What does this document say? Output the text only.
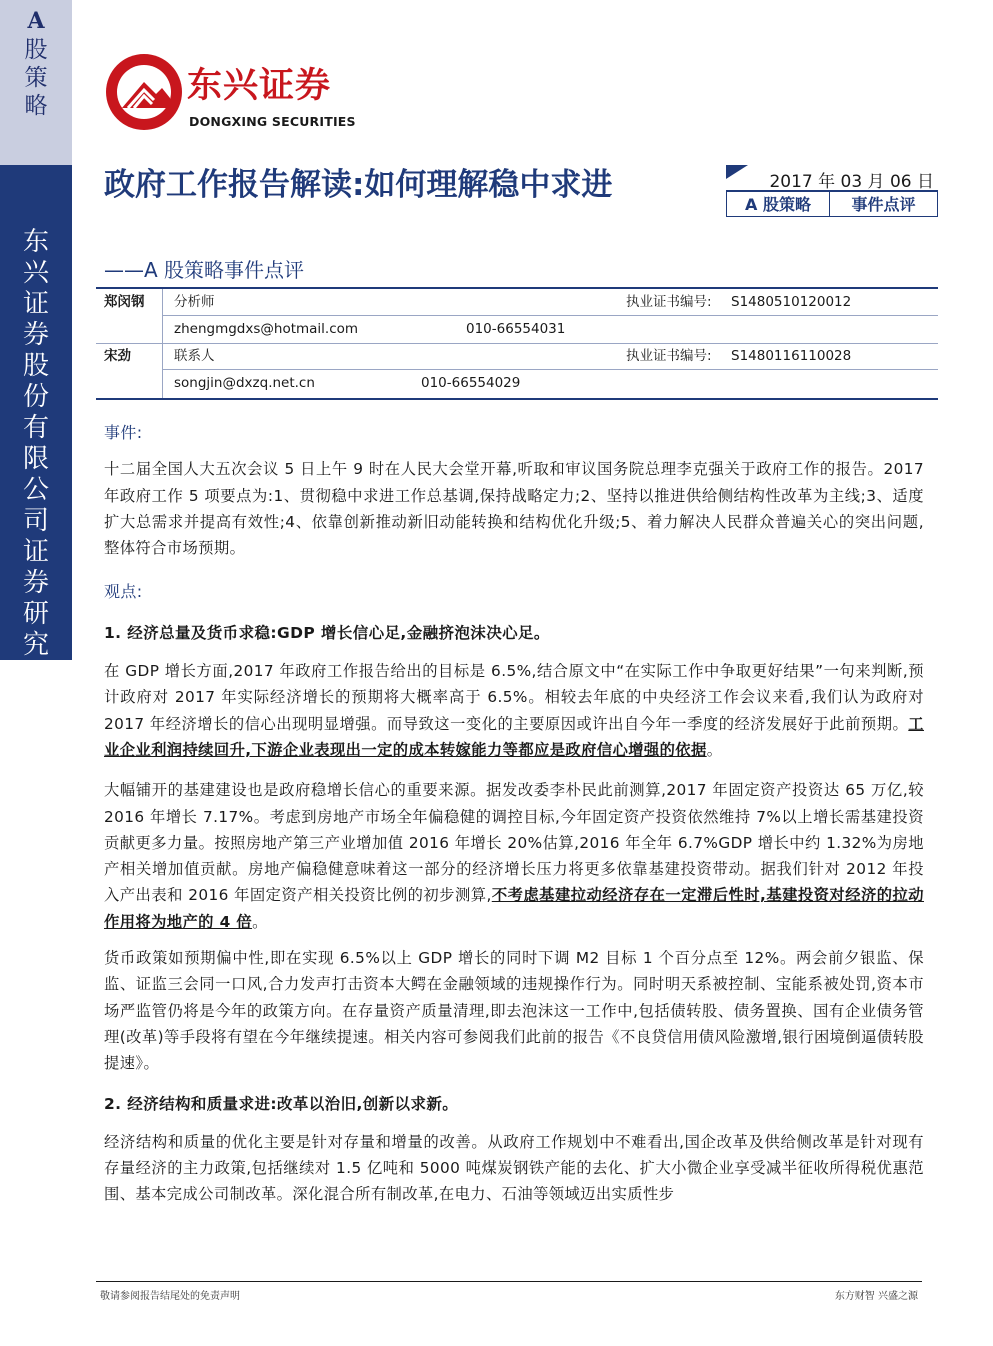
A
股策略
东兴证券股份有限公司证券研究报告
东兴证券
DONGXING SECURITIES
政府工作报告解读:如何理解稳中求进
——A 股策略事件点评
2017 年 03 月 06 日
A 股策略	事件点评
郑闵钢 分析师	执业证书编号: S1480510120012
zhengmgdxs@hotmail.com	010-66554031
宋劲	联系人	执业证书编号: S1480116110028
songjin@dxzq.net.cn	010-66554029
事件:

十二届全国人大五次会议 5 日上午 9 时在人民大会堂开幕,听取和审议国务院总理李克强关于政府工作的报告。2017 年政府工作 5 项要点为:1、贯彻稳中求进工作总基调,保持战略定力;2、坚持以推进供给侧结构性改革为主线;3、适度扩大总需求并提高有效性;4、依靠创新推动新旧动能转换和结构优化升级;5、着力解决人民群众普遍关心的突出问题,整体符合市场预期。

观点:
1. 经济总量及货币求稳:GDP 增长信心足,金融挤泡沫决心足。

在 GDP 增长方面,2017 年政府工作报告给出的目标是 6.5%,结合原文中“在实际工作中争取更好结果”一句来判断,预计政府对 2017 年实际经济增长的预期将大概率高于 6.5%。相较去年底的中央经济工作会议来看,我们认为政府对 2017 年经济增长的信心出现明显增强。而导致这一变化的主要原因或许出自今年一季度的经济发展好于此前预期。工业企业利润持续回升,下游企业表现出一定的成本转嫁能力等都应是政府信心增强的依据。

大幅铺开的基建建设也是政府稳增长信心的重要来源。据发改委李朴民此前测算,2017 年固定资产投资达 65 万亿,较 2016 年增长 7.17%。考虑到房地产市场全年偏稳健的调控目标,今年固定资产投资依然维持 7%以上增长需基建投资贡献更多力量。按照房地产第三产业增加值 2016 年增长 20%估算,2016 年全年 6.7%GDP 增长中约 1.32%为房地产相关增加值贡献。房地产偏稳健意味着这一部分的经济增长压力将更多依靠基建投资带动。据我们针对 2012 年投入产出表和 2016 年固定资产相关投资比例的初步测算,不考虑基建拉动经济存在一定滞后性时,基建投资对经济的拉动作用将为地产的 4 倍。

货币政策如预期偏中性,即在实现 6.5%以上 GDP 增长的同时下调 M2 目标 1 个百分点至 12%。两会前夕银监、保监、证监三会同一口风,合力发声打击资本大鳄在金融领域的违规操作行为。同时明天系被控制、宝能系被处罚,资本市场严监管仍将是今年的政策方向。在存量资产质量清理,即去泡沫这一工作中,包括债转股、债务置换、国有企业债务管理(改革)等手段将有望在今年继续提速。相关内容可参阅我们此前的报告《不良贷信用债风险激增,银行困境倒逼债转股提速》。

2. 经济结构和质量求进:改革以治旧,创新以求新。

经济结构和质量的优化主要是针对存量和增量的改善。从政府工作规划中不难看出,国企改革及供给侧改革是针对现有存量经济的主力政策,包括继续对 1.5 亿吨和 5000 吨煤炭钢铁产能的去化、扩大小微企业享受减半征收所得税优惠范围、基本完成公司制改革。深化混合所有制改革,在电力、石油等领域迈出实质性步

敬请参阅报告结尾处的免责声明	东方财智 兴盛之源
